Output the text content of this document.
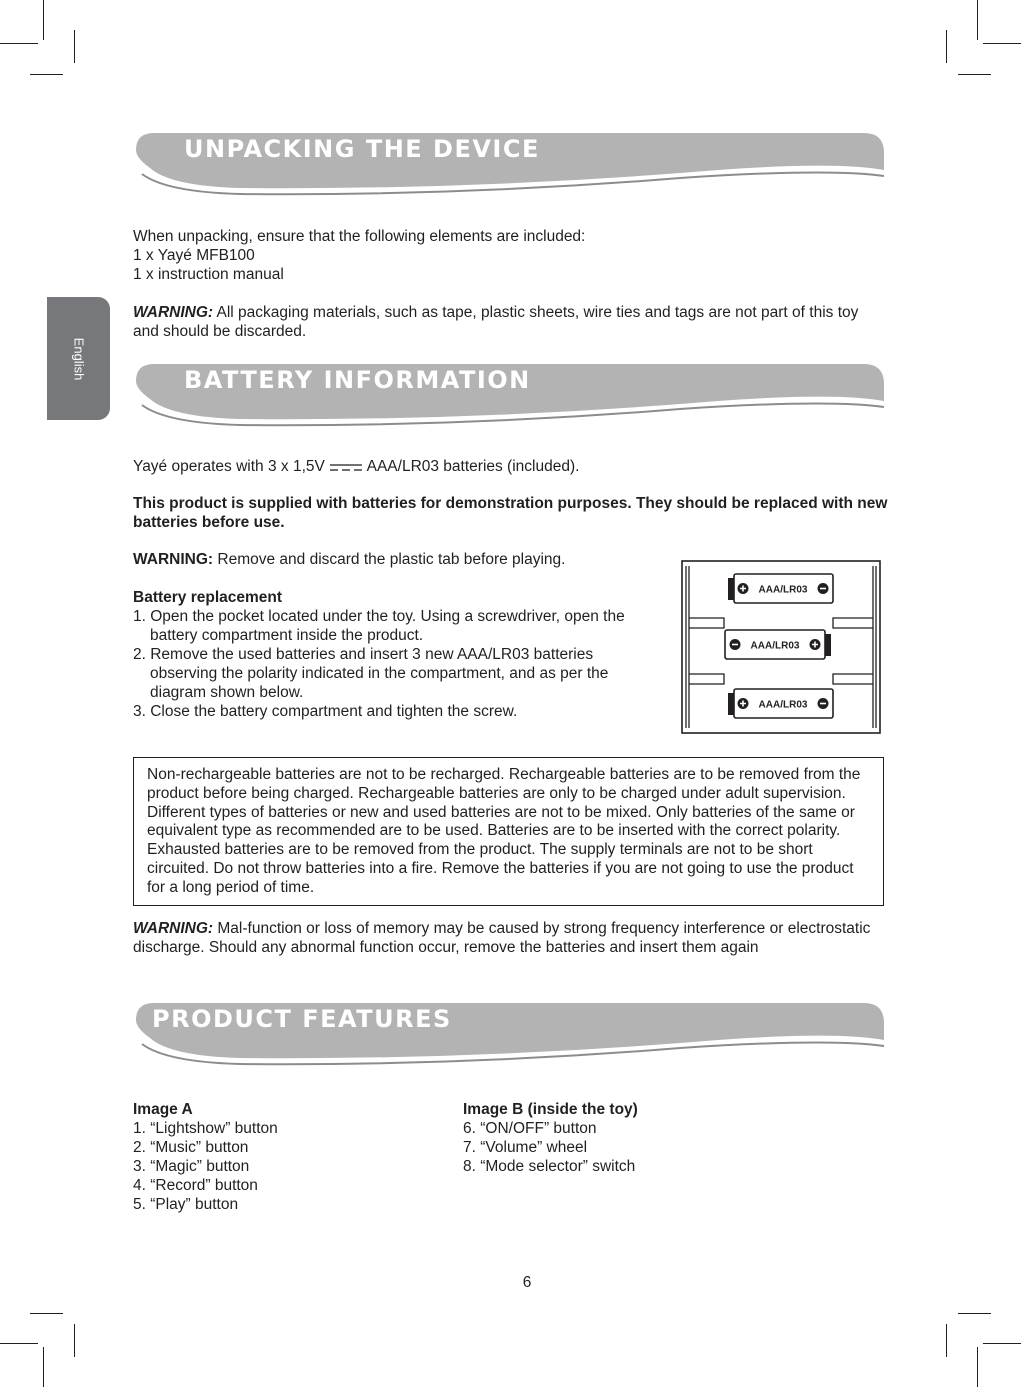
English
UNPACKING THE DEVICE

When unpacking, ensure that the following elements are included:

1 x Yayé MFB100

1 x instruction manual

WARNING: All packaging materials, such as tape, plastic sheets, wire ties and tags are not part of this toy and should be discarded.

BATTERY INFORMATION

Yayé operates with 3 x 1,5V  AAA/LR03 batteries (included).

This product is supplied with batteries for demonstration purposes. They should be replaced with new batteries before use.

WARNING: Remove and discard the plastic tab before playing.

Battery replacement

1. Open the pocket located under the toy. Using a screwdriver, open the battery compartment inside the product.
2. Remove the used batteries and insert 3 new AAA/LR03 batteries observing the polarity indicated in the compartment, and as per the diagram shown below.
3. Close the battery compartment and tighten the screw.
AAA/LR03
AAA/LR03
AAA/LR03

Non-rechargeable batteries are not to be recharged. Rechargeable batteries are to be removed from the product before being charged. Rechargeable batteries are only to be charged under adult supervision. Different types of batteries or new and used batteries are not to be mixed. Only batteries of the same or equivalent type as recommended are to be used. Batteries are to be inserted with the correct polarity. Exhausted batteries are to be removed from the product. The supply terminals are not to be short circuited. Do not throw batteries into a fire. Remove the batteries if you are not going to use the product for a long period of time.

WARNING: Mal-function or loss of memory may be caused by strong frequency interference or electrostatic discharge. Should any abnormal function occur, remove the batteries and insert them again

PRODUCT FEATURES

Image A

1. “Lightshow” button

2. “Music” button

3. “Magic” button

4. “Record” button

5. “Play” button

Image B (inside the toy)

6. “ON/OFF” button

7. “Volume” wheel

8. “Mode selector” switch

6
